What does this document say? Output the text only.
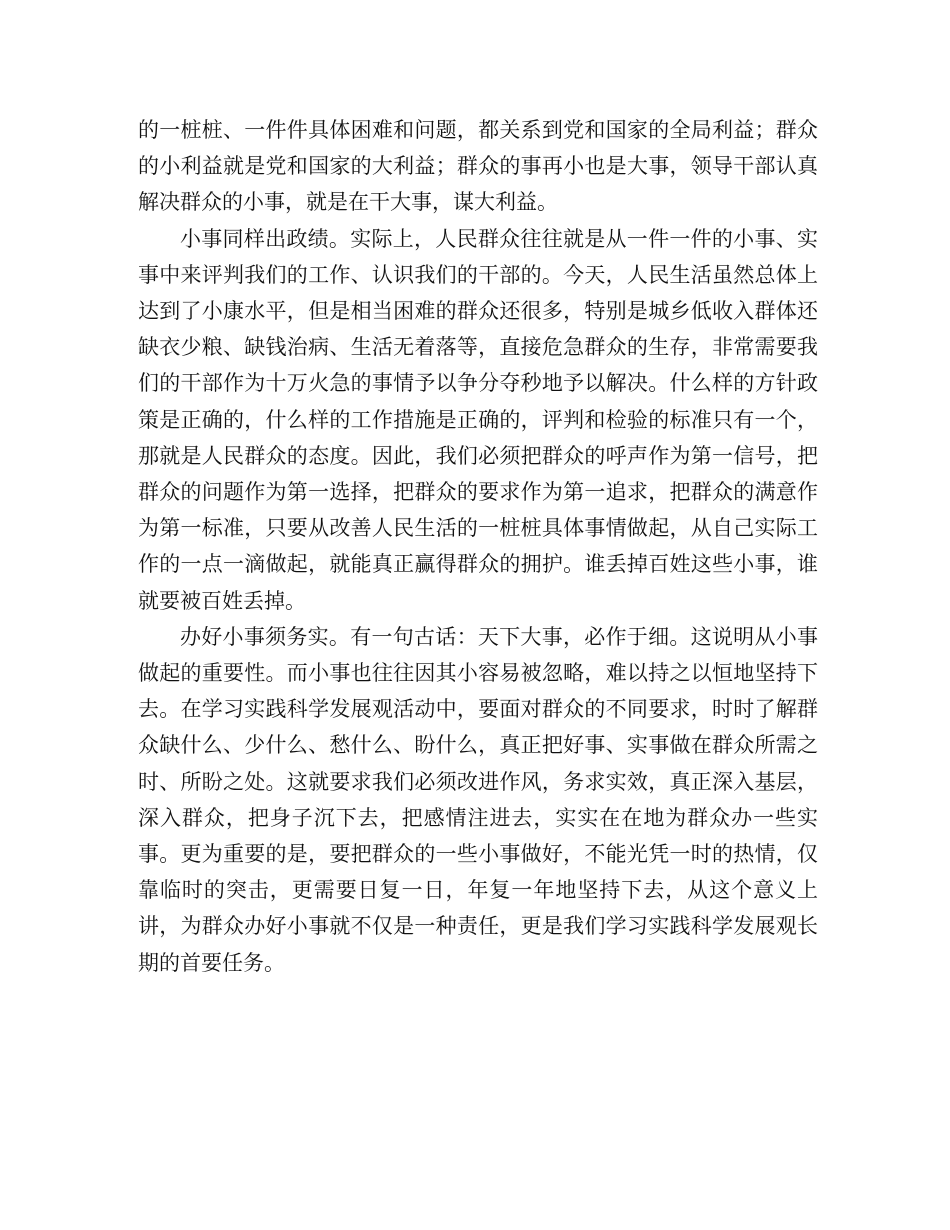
的一桩桩、一件件具体困难和问题，都关系到党和国家的全局利益；群众的小利益就是党和国家的大利益；群众的事再小也是大事，领导干部认真解决群众的小事，就是在干大事，谋大利益。

小事同样出政绩。实际上，人民群众往往就是从一件一件的小事、实事中来评判我们的工作、认识我们的干部的。今天，人民生活虽然总体上达到了小康水平，但是相当困难的群众还很多，特别是城乡低收入群体还缺衣少粮、缺钱治病、生活无着落等，直接危急群众的生存，非常需要我们的干部作为十万火急的事情予以争分夺秒地予以解决。什么样的方针政策是正确的，什么样的工作措施是正确的，评判和检验的标准只有一个，那就是人民群众的态度。因此，我们必须把群众的呼声作为第一信号，把群众的问题作为第一选择，把群众的要求作为第一追求，把群众的满意作为第一标准，只要从改善人民生活的一桩桩具体事情做起，从自己实际工作的一点一滴做起，就能真正赢得群众的拥护。谁丢掉百姓这些小事，谁就要被百姓丢掉。

办好小事须务实。有一句古话：天下大事，必作于细。这说明从小事做起的重要性。而小事也往往因其小容易被忽略，难以持之以恒地坚持下去。在学习实践科学发展观活动中，要面对群众的不同要求，时时了解群众缺什么、少什么、愁什么、盼什么，真正把好事、实事做在群众所需之时、所盼之处。这就要求我们必须改进作风，务求实效，真正深入基层，深入群众，把身子沉下去，把感情注进去，实实在在地为群众办一些实事。更为重要的是，要把群众的一些小事做好，不能光凭一时的热情，仅靠临时的突击，更需要日复一日，年复一年地坚持下去，从这个意义上讲，为群众办好小事就不仅是一种责任，更是我们学习实践科学发展观长期的首要任务。
